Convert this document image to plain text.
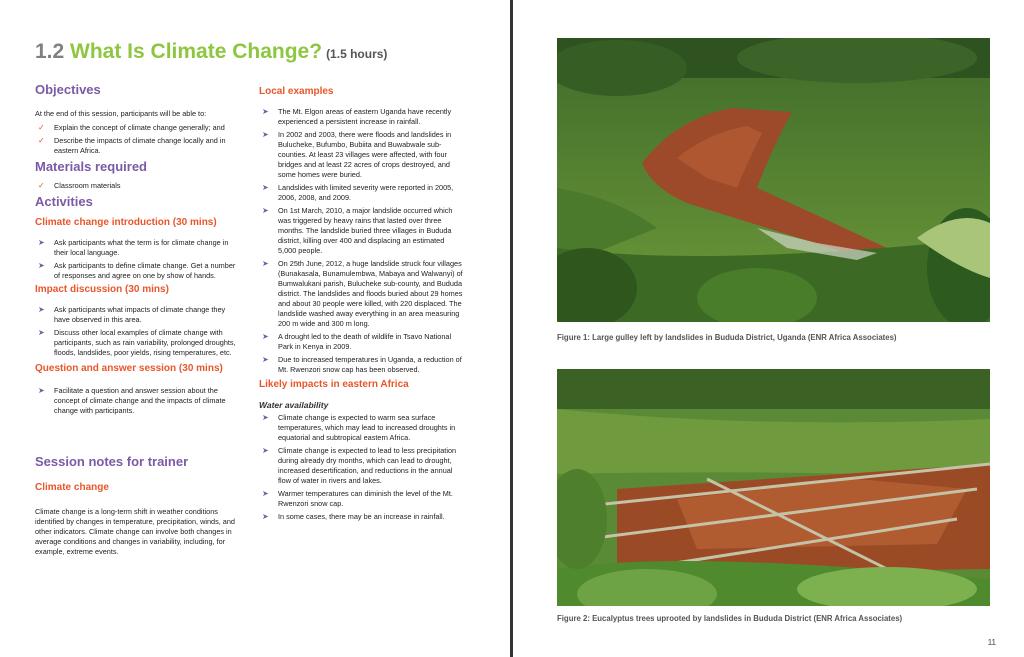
1.2 What Is Climate Change? (1.5 hours)
Objectives

At the end of this session, participants will be able to:

✓ Explain the concept of climate change generally; and
✓ Describe the impacts of climate change locally and in eastern Africa.
Materials required
✓ Classroom materials
Activities
Climate change introduction (30 mins)
➤ Ask participants what the term is for climate change in their local language.
➤ Ask participants to define climate change. Get a number of responses and agree on one by show of hands.
Impact discussion (30 mins)
➤ Ask participants what impacts of climate change they have observed in this area.
➤ Discuss other local examples of climate change with participants, such as rain variability, prolonged droughts, floods, landslides, poor yields, rising temperatures, etc.
Question and answer session (30 mins)
➤ Facilitate a question and answer session about the concept of climate change and the impacts of climate change with participants.
Session notes for trainer
Climate change

Climate change is a long-term shift in weather conditions identified by changes in temperature, precipitation, winds, and other indicators. Climate change can involve both changes in average conditions and changes in variability, including, for example, extreme events.

Local examples
➤ The Mt. Elgon areas of eastern Uganda have recently experienced a persistent increase in rainfall.
➤ In 2002 and 2003, there were floods and landslides in Bulucheke, Bufumbo, Bubiita and Buwabwale sub-counties. At least 23 villages were affected, with four bridges and at least 22 acres of crops destroyed, and some homes were buried.
➤ Landslides with limited severity were reported in 2005, 2006, 2008, and 2009.
➤ On 1st March, 2010, a major landslide occurred which was triggered by heavy rains that lasted over three months. The landslide buried three villages in Bududa district, killing over 400 and displacing an estimated 5,000 people.
➤ On 25th June, 2012, a huge landslide struck four villages (Bunakasala, Bunamulembwa, Mabaya and Walwanyi) of Bumwalukani parish, Bulucheke sub-county, and Bududa district. The landslides and floods buried about 29 homes and about 30 people were killed, with 220 displaced. The landslide washed away everything in an area measuring 200 m wide and 300 m long.
➤ A drought led to the death of wildlife in Tsavo National Park in Kenya in 2009.
➤ Due to increased temperatures in Uganda, a reduction of Mt. Rwenzori snow cap has been observed.
Likely impacts in eastern Africa
Water availability
➤ Climate change is expected to warm sea surface temperatures, which may lead to increased droughts in equatorial and subtropical eastern Africa.
➤ Climate change is expected to lead to less precipitation during already dry months, which can lead to drought, increased desertification, and reductions in the annual flow of water in rivers and lakes.
➤ Warmer temperatures can diminish the level of the Mt. Rwenzori snow cap.
➤ In some cases, there may be an increase in rainfall.
Figure 1: Large gulley left by landslides in Bududa District, Uganda (ENR Africa Associates)
Figure 2: Eucalyptus trees uprooted by landslides in Bududa District (ENR Africa Associates)
11
